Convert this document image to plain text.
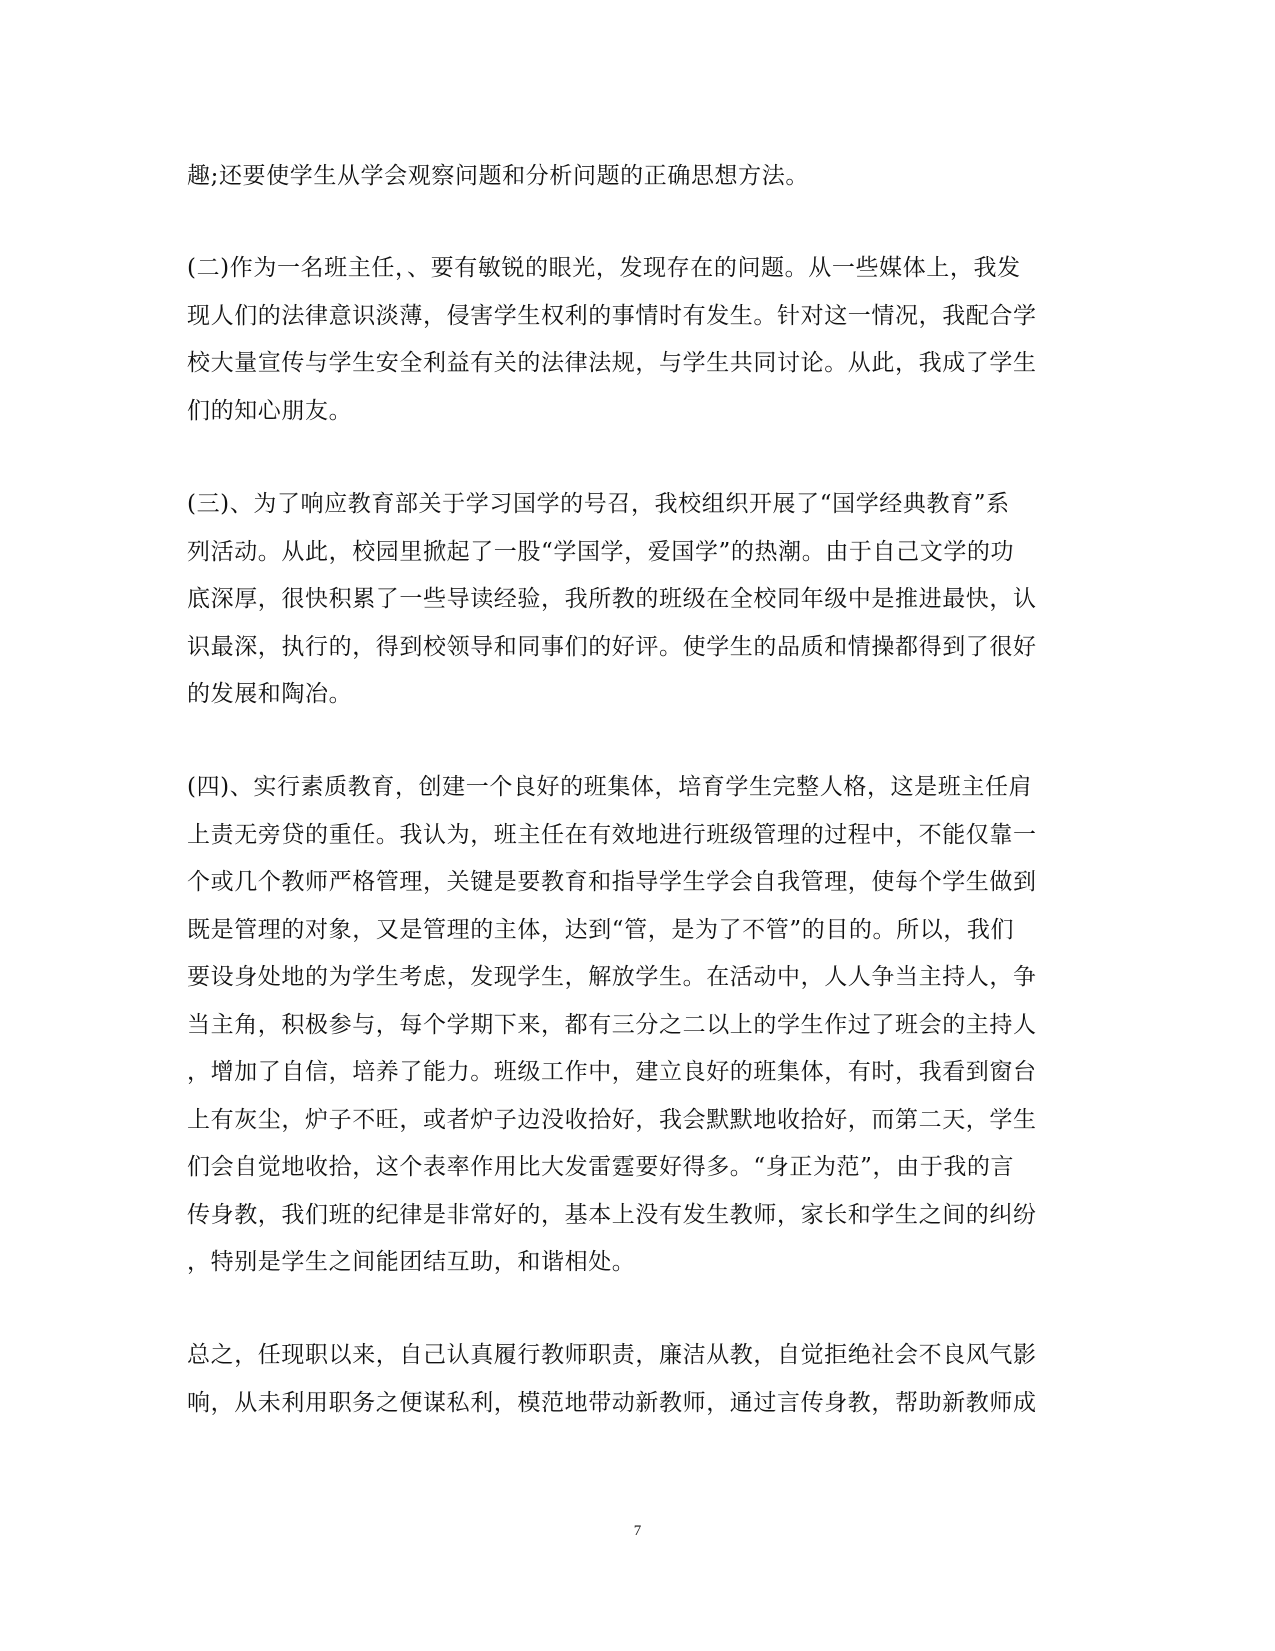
趣;还要使学生从学会观察问题和分析问题的正确思想方法。
(二)作为一名班主任，、要有敏锐的眼光，发现存在的问题。从一些媒体上，我发
现人们的法律意识淡薄，侵害学生权利的事情时有发生。针对这一情况，我配合学
校大量宣传与学生安全利益有关的法律法规，与学生共同讨论。从此，我成了学生
们的知心朋友。
(三)、为了响应教育部关于学习国学的号召，我校组织开展了“国学经典教育”系
列活动。从此，校园里掀起了一股“学国学，爱国学”的热潮。由于自己文学的功
底深厚，很快积累了一些导读经验，我所教的班级在全校同年级中是推进最快，认
识最深，执行的，得到校领导和同事们的好评。使学生的品质和情操都得到了很好
的发展和陶冶。
(四)、实行素质教育，创建一个良好的班集体，培育学生完整人格，这是班主任肩
上责无旁贷的重任。我认为，班主任在有效地进行班级管理的过程中，不能仅靠一
个或几个教师严格管理，关键是要教育和指导学生学会自我管理，使每个学生做到
既是管理的对象，又是管理的主体，达到“管，是为了不管”的目的。所以，我们
要设身处地的为学生考虑，发现学生，解放学生。在活动中，人人争当主持人，争
当主角，积极参与，每个学期下来，都有三分之二以上的学生作过了班会的主持人
，增加了自信，培养了能力。班级工作中，建立良好的班集体，有时，我看到窗台
上有灰尘，炉子不旺，或者炉子边没收拾好，我会默默地收拾好，而第二天，学生
们会自觉地收拾，这个表率作用比大发雷霆要好得多。“身正为范”，由于我的言
传身教，我们班的纪律是非常好的，基本上没有发生教师，家长和学生之间的纠纷
，特别是学生之间能团结互助，和谐相处。
总之，任现职以来，自己认真履行教师职责，廉洁从教，自觉拒绝社会不良风气影
响，从未利用职务之便谋私利，模范地带动新教师，通过言传身教，帮助新教师成
7
